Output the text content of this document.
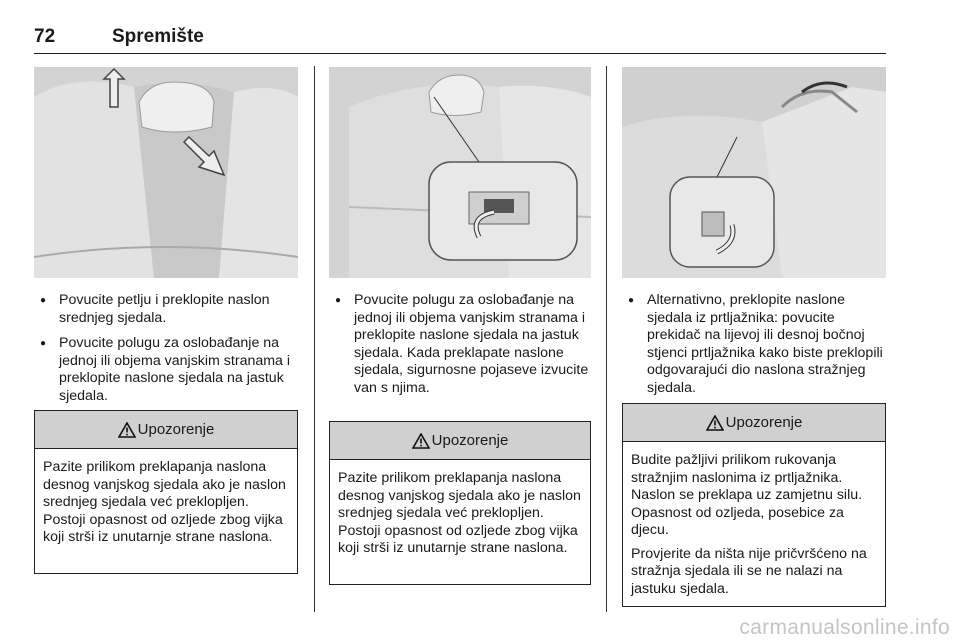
72	Spremište
● Povucite petlju i preklopite naslon srednjeg sjedala.
● Povucite polugu za oslobađanje na jednoj ili objema vanjskim stranama i preklopite naslone sjedala na jastuk sjedala.
Upozorenje

Pazite prilikom preklapanja naslona desnog vanjskog sjedala ako je naslon srednjeg sjedala već preklopljen. Postoji opasnost od ozljede zbog vijka koji strši iz unutarnje strane naslona.

● Povucite polugu za oslobađanje na jednoj ili objema vanjskim stranama i preklopite naslone sjedala na jastuk sjedala. Kada preklapate naslone sjedala, sigurnosne pojaseve izvucite van s njima.
Upozorenje

Pazite prilikom preklapanja naslona desnog vanjskog sjedala ako je naslon srednjeg sjedala već preklopljen. Postoji opasnost od ozljede zbog vijka koji strši iz unutarnje strane naslona.

● Alternativno, preklopite naslone sjedala iz prtljažnika: povucite prekidač na lijevoj ili desnoj bočnoj stjenci prtljažnika kako biste preklopili odgovarajući dio naslona stražnjeg sjedala.
Upozorenje

Budite pažljivi prilikom rukovanja stražnjim naslonima iz prtljažnika. Naslon se preklapa uz zamjetnu silu. Opasnost od ozljeda, posebice za djecu.

Provjerite da ništa nije pričvršćeno na stražnja sjedala ili se ne nalazi na jastuku sjedala.

carmanualsonline.info
